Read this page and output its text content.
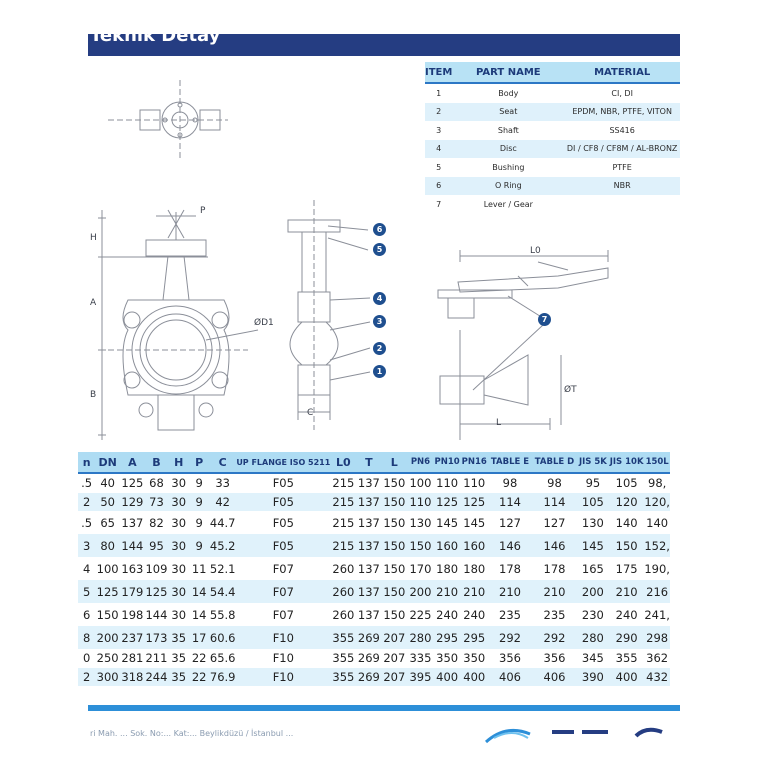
Teknik Detay
ITEM	PART NAME	MATERIAL
1	Body	CI, DI
2	Seat	EPDM, NBR, PTFE, VITON
3	Shaft	SS416
4	Disc	DI / CF8 / CF8M / AL-BRONZ
5	Bushing	PTFE
6	O Ring	NBR
7	Lever / Gear	
P
H
A
B
ØD1
C
L0
L
ØT
6
5
4
3
2
1
7
n	DN	A	B	H	P	C	UP FLANGE ISO 5211	L0	T	L	PN6	PN10	PN16	TABLE E	TABLE D	JIS 5K	JIS 10K	150L
.5	40	125	68	30	9	33	F05	215	137	150	100	110	110	98	98	95	105	98,
2	50	129	73	30	9	42	F05	215	137	150	110	125	125	114	114	105	120	120,
.5	65	137	82	30	9	44.7	F05	215	137	150	130	145	145	127	127	130	140	140
3	80	144	95	30	9	45.2	F05	215	137	150	150	160	160	146	146	145	150	152,
4	100	163	109	30	11	52.1	F07	260	137	150	170	180	180	178	178	165	175	190,
5	125	179	125	30	14	54.4	F07	260	137	150	200	210	210	210	210	200	210	216
6	150	198	144	30	14	55.8	F07	260	137	150	225	240	240	235	235	230	240	241,
8	200	237	173	35	17	60.6	F10	355	269	207	280	295	295	292	292	280	290	298
0	250	281	211	35	22	65.6	F10	355	269	207	335	350	350	356	356	345	355	362
2	300	318	244	35	22	76.9	F10	355	269	207	395	400	400	406	406	390	400	432
ri Mah. ... Sok. No:... Kat:... Beylikdüzü / İstanbul ...
